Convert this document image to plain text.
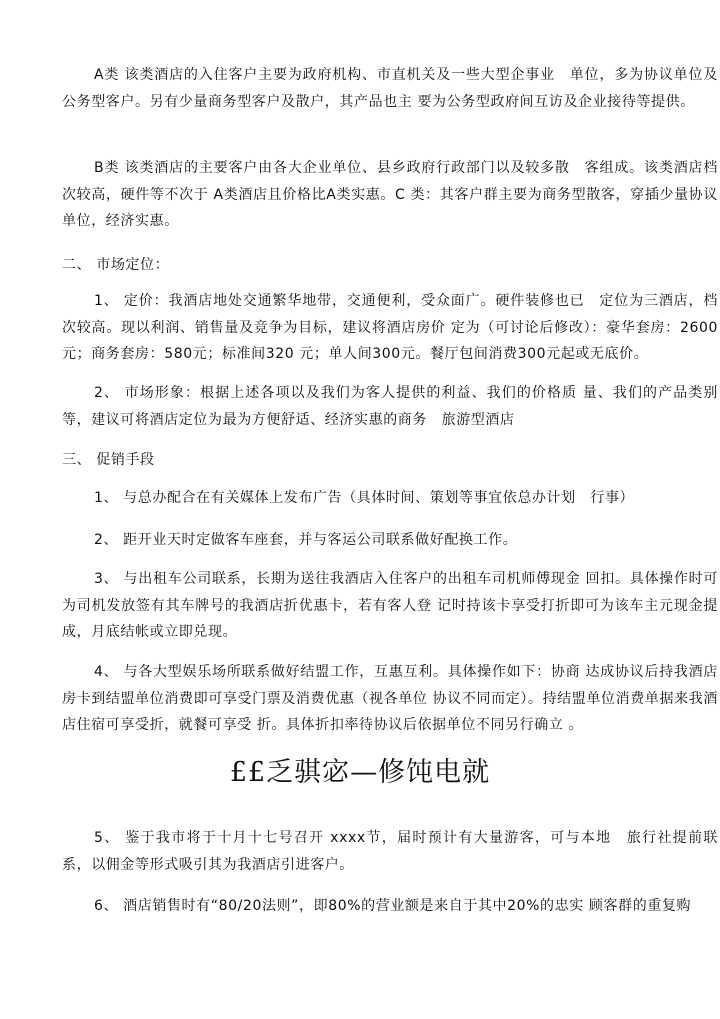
A类 该类酒店的入住客户主要为政府机构、市直机关及一些大型企事业　单位，多为协议单位及公务型客户。另有少量商务型客户及散户，其产品也主 要为公务型政府间互访及企业接待等提供。

B类 该类酒店的主要客户由各大企业单位、县乡政府行政部门以及较多散　客组成。该类酒店档次较高，硬件等不次于 A类酒店且价格比A类实惠。C 类：其客户群主要为商务型散客，穿插少量协议单位，经济实惠。

二、 市场定位：

1、 定价：我酒店地处交通繁华地带，交通便利，受众面广。硬件装修也已　定位为三酒店，档次较高。现以利润、销售量及竞争为目标，建议将酒店房价 定为（可讨论后修改）：豪华套房：2600元；商务套房：580元；标准间320 元；单人间300元。餐厅包间消费300元起或无底价。

2、 市场形象：根据上述各项以及我们为客人提供的利益、我们的价格质 量、我们的产品类别等，建议可将酒店定位为最为方便舒适、经济实惠的商务　旅游型酒店

三、 促销手段

1、 与总办配合在有关媒体上发布广告（具体时间、策划等事宜依总办计划　行事）

2、 距开业天时定做客车座套，并与客运公司联系做好配换工作。

3、 与出租车公司联系，长期为送往我酒店入住客户的出租车司机师傅现金 回扣。具体操作时可为司机发放签有其车牌号的我酒店折优惠卡，若有客人登 记时持该卡享受打折即可为该车主元现金提成，月底结帐或立即兑现。

4、 与各大型娱乐场所联系做好结盟工作，互惠互利。具体操作如下：协商 达成协议后持我酒店房卡到结盟单位消费即可享受门票及消费优惠（视各单位 协议不同而定）。持结盟单位消费单据来我酒店住宿可享受折，就餐可享受 折。具体折扣率待协议后依据单位不同另行确立 。

££乏骐宓—修饨电就

5、 鉴于我市将于十月十七号召开 xxxx节，届时预计有大量游客，可与本地　旅行社提前联系，以佣金等形式吸引其为我酒店引进客户。

6、 酒店销售时有“80/20法则”，即80%的营业额是来自于其中20%的忠实 顾客群的重复购
